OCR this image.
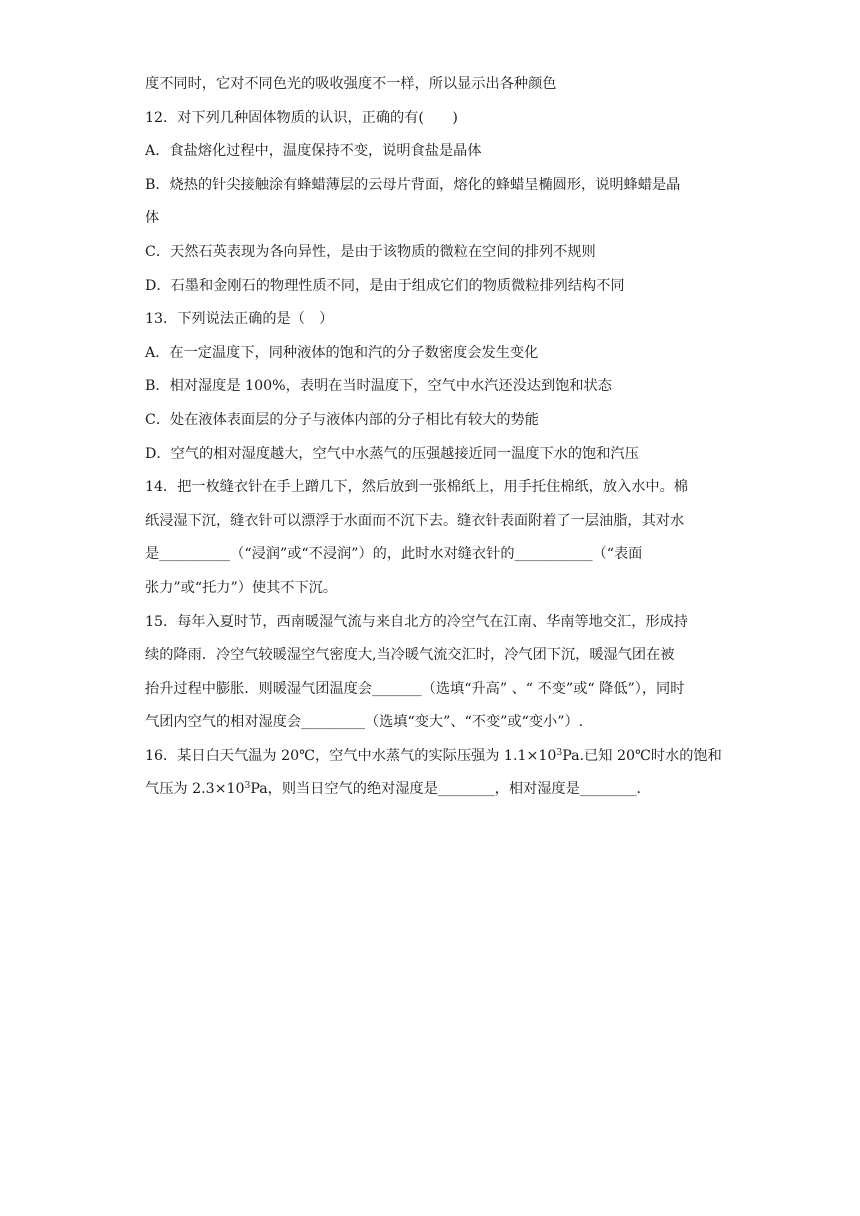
度不同时，它对不同色光的吸收强度不一样，所以显示出各种颜色
12．对下列几种固体物质的认识，正确的有(　　)
A．食盐熔化过程中，温度保持不变，说明食盐是晶体
B．烧热的针尖接触涂有蜂蜡薄层的云母片背面，熔化的蜂蜡呈椭圆形，说明蜂蜡是晶
体
C．天然石英表现为各向异性，是由于该物质的微粒在空间的排列不规则
D．石墨和金刚石的物理性质不同，是由于组成它们的物质微粒排列结构不同
13．下列说法正确的是（　）
A．在一定温度下，同种液体的饱和汽的分子数密度会发生变化
B．相对湿度是 100%，表明在当时温度下，空气中水汽还没达到饱和状态
C．处在液体表面层的分子与液体内部的分子相比有较大的势能
D．空气的相对湿度越大，空气中水蒸气的压强越接近同一温度下水的饱和汽压
14．把一枚缝衣针在手上蹭几下，然后放到一张棉纸上，用手托住棉纸，放入水中。棉
纸浸湿下沉，缝衣针可以漂浮于水面而不沉下去。缝衣针表面附着了一层油脂，其对水
是__________（“浸润”或“不浸润”）的，此时水对缝衣针的___________（“表面
张力”或“托力”）使其不下沉。
15．每年入夏时节，西南暖湿气流与来自北方的冷空气在江南、华南等地交汇，形成持
续的降雨．冷空气较暖湿空气密度大,当冷暖气流交汇时，冷气团下沉，暖湿气团在被
抬升过程中膨胀．则暖湿气团温度会_______（选填“升高” 、“ 不变”或“ 降低”），同时
气团内空气的相对湿度会_________（选填“变大”、“不变”或“变小”）.
16．某日白天气温为 20℃，空气中水蒸气的实际压强为 $1.1\times 10^3Pa$.已知 20℃时水的饱和
气压为 $2.3\times 10^3Pa$，则当日空气的绝对湿度是________，相对湿度是________.
